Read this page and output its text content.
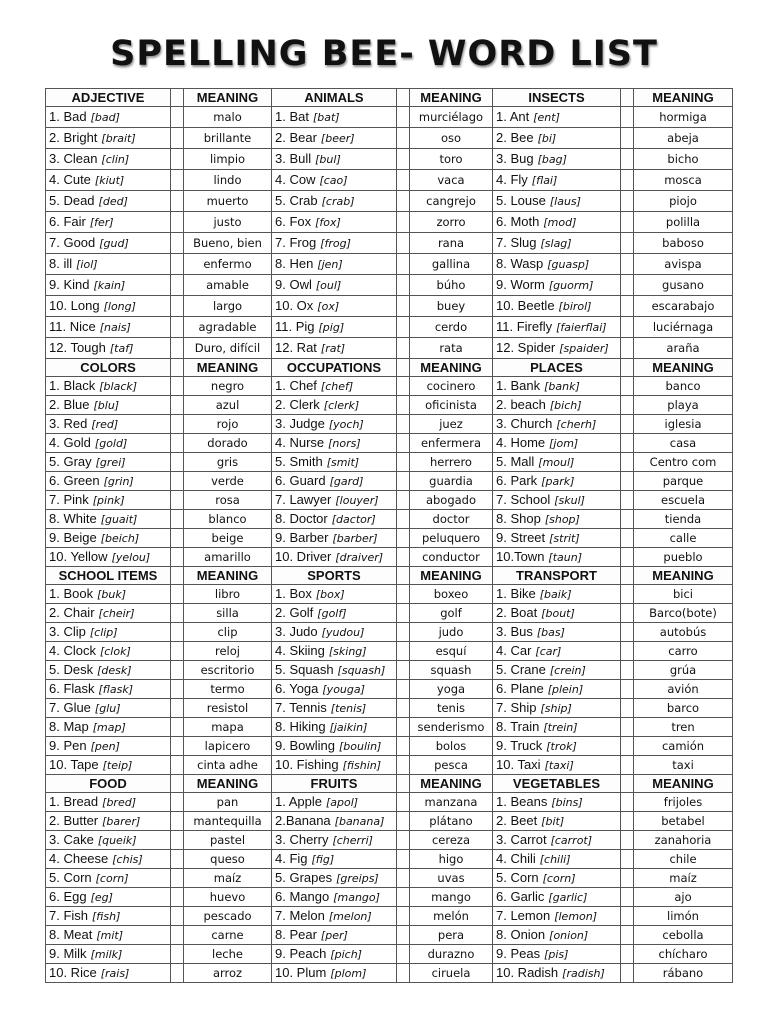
SPELLING BEE- WORD LIST
ADJECTIVE		MEANING	ANIMALS		MEANING	INSECTS		MEANING
1. Bad [bad]		malo	1. Bat [bat]		murciélago	1. Ant [ent]		hormiga
2. Bright [brait]		brillante	2. Bear [beer]		oso	2. Bee [bi]		abeja
3. Clean [clin]		limpio	3. Bull [bul]		toro	3. Bug [bag]		bicho
4. Cute [kiut]		lindo	4. Cow [cao]		vaca	4. Fly [flai]		mosca
5. Dead [ded]		muerto	5. Crab [crab]		cangrejo	5. Louse [laus]		piojo
6. Fair [fer]		justo	6. Fox [fox]		zorro	6. Moth [mod]		polilla
7. Good [gud]		Bueno, bien	7. Frog [frog]		rana	7. Slug [slag]		baboso
8. ill [iol]		enfermo	8. Hen [jen]		gallina	8. Wasp [guasp]		avispa
9. Kind [kain]		amable	9. Owl [oul]		búho	9. Worm [guorm]		gusano
10. Long [long]		largo	10. Ox [ox]		buey	10. Beetle [birol]		escarabajo
11. Nice [nais]		agradable	11. Pig [pig]		cerdo	11. Firefly [faierflai]		luciérnaga
12. Tough [taf]		Duro, difícil	12. Rat [rat]		rata	12. Spider [spaider]		araña
COLORS		MEANING	OCCUPATIONS		MEANING	PLACES		MEANING
1. Black [black]		negro	1. Chef [chef]		cocinero	1. Bank [bank]		banco
2. Blue [blu]		azul	2. Clerk [clerk]		oficinista	2. beach [bich]		playa
3. Red [red]		rojo	3. Judge [yoch]		juez	3. Church [cherh]		iglesia
4. Gold [gold]		dorado	4. Nurse [nors]		enfermera	4. Home [jom]		casa
5. Gray [grei]		gris	5. Smith [smit]		herrero	5. Mall [moul]		Centro com
6. Green [grin]		verde	6. Guard [gard]		guardia	6. Park [park]		parque
7. Pink [pink]		rosa	7. Lawyer [louyer]		abogado	7. School [skul]		escuela
8. White [guait]		blanco	8. Doctor [dactor]		doctor	8. Shop [shop]		tienda
9. Beige [beich]		beige	9. Barber [barber]		peluquero	9. Street [strit]		calle
10. Yellow [yelou]		amarillo	10. Driver [draiver]		conductor	10.Town [taun]		pueblo
SCHOOL ITEMS		MEANING	SPORTS		MEANING	TRANSPORT		MEANING
1. Book [buk]		libro	1. Box [box]		boxeo	1. Bike [baik]		bici
2. Chair [cheir]		silla	2. Golf [golf]		golf	2. Boat [bout]		Barco(bote)
3. Clip [clip]		clip	3. Judo [yudou]		judo	3. Bus [bas]		autobús
4. Clock [clok]		reloj	4. Skiing [sking]		esquí	4. Car [car]		carro
5. Desk [desk]		escritorio	5. Squash [squash]		squash	5. Crane [crein]		grúa
6. Flask [flask]		termo	6. Yoga [youga]		yoga	6. Plane [plein]		avión
7. Glue [glu]		resistol	7. Tennis [tenis]		tenis	7. Ship [ship]		barco
8. Map [map]		mapa	8. Hiking [jaikin]		senderismo	8. Train [trein]		tren
9. Pen [pen]		lapicero	9. Bowling [boulin]		bolos	9. Truck [trok]		camión
10. Tape [teip]		cinta adhe	10. Fishing [fishin]		pesca	10. Taxi [taxi]		taxi
FOOD		MEANING	FRUITS		MEANING	VEGETABLES		MEANING
1. Bread [bred]		pan	1. Apple [apol]		manzana	1. Beans [bins]		frijoles
2. Butter [barer]		mantequilla	2.Banana [banana]		plátano	2. Beet [bit]		betabel
3. Cake [queik]		pastel	3. Cherry [cherri]		cereza	3. Carrot [carrot]		zanahoria
4. Cheese [chis]		queso	4. Fig [fig]		higo	4. Chili [chili]		chile
5. Corn [corn]		maíz	5. Grapes [greips]		uvas	5. Corn [corn]		maíz
6. Egg [eg]		huevo	6. Mango [mango]		mango	6. Garlic [garlic]		ajo
7. Fish [fish]		pescado	7. Melon [melon]		melón	7. Lemon [lemon]		limón
8. Meat [mit]		carne	8. Pear [per]		pera	8. Onion [onion]		cebolla
9. Milk [milk]		leche	9. Peach [pich]		durazno	9. Peas [pis]		chícharo
10. Rice [rais]		arroz	10. Plum [plom]		ciruela	10. Radish [radish]		rábano
